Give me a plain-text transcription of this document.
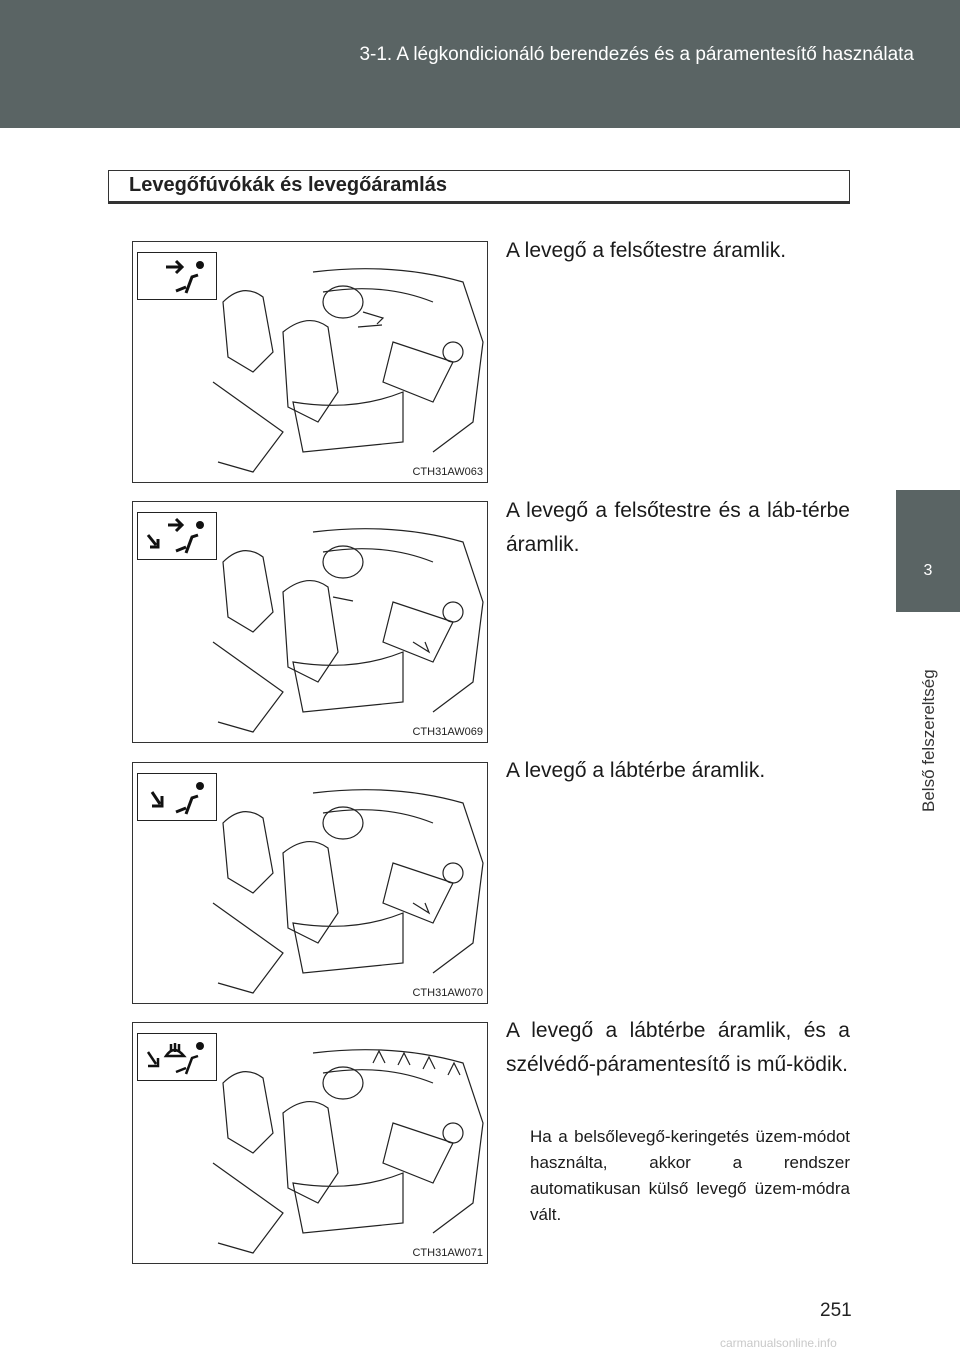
3-1. A légkondicionáló berendezés és a páramentesítő használata
3
Belső felszereltség
Levegőfúvókák és levegőáramlás
CTH31AW063
A levegő a felsőtestre áramlik.
CTH31AW069
A levegő a felsőtestre és a láb-térbe áramlik.
CTH31AW070
A levegő a lábtérbe áramlik.
CTH31AW071
A levegő a lábtérbe áramlik, és a szélvédő-páramentesítő is mű-ködik.
Ha a belsőlevegő-keringetés üzem-módot használta, akkor a rendszer automatikusan külső levegő üzem-módra vált.
251
carmanualsonline.info
